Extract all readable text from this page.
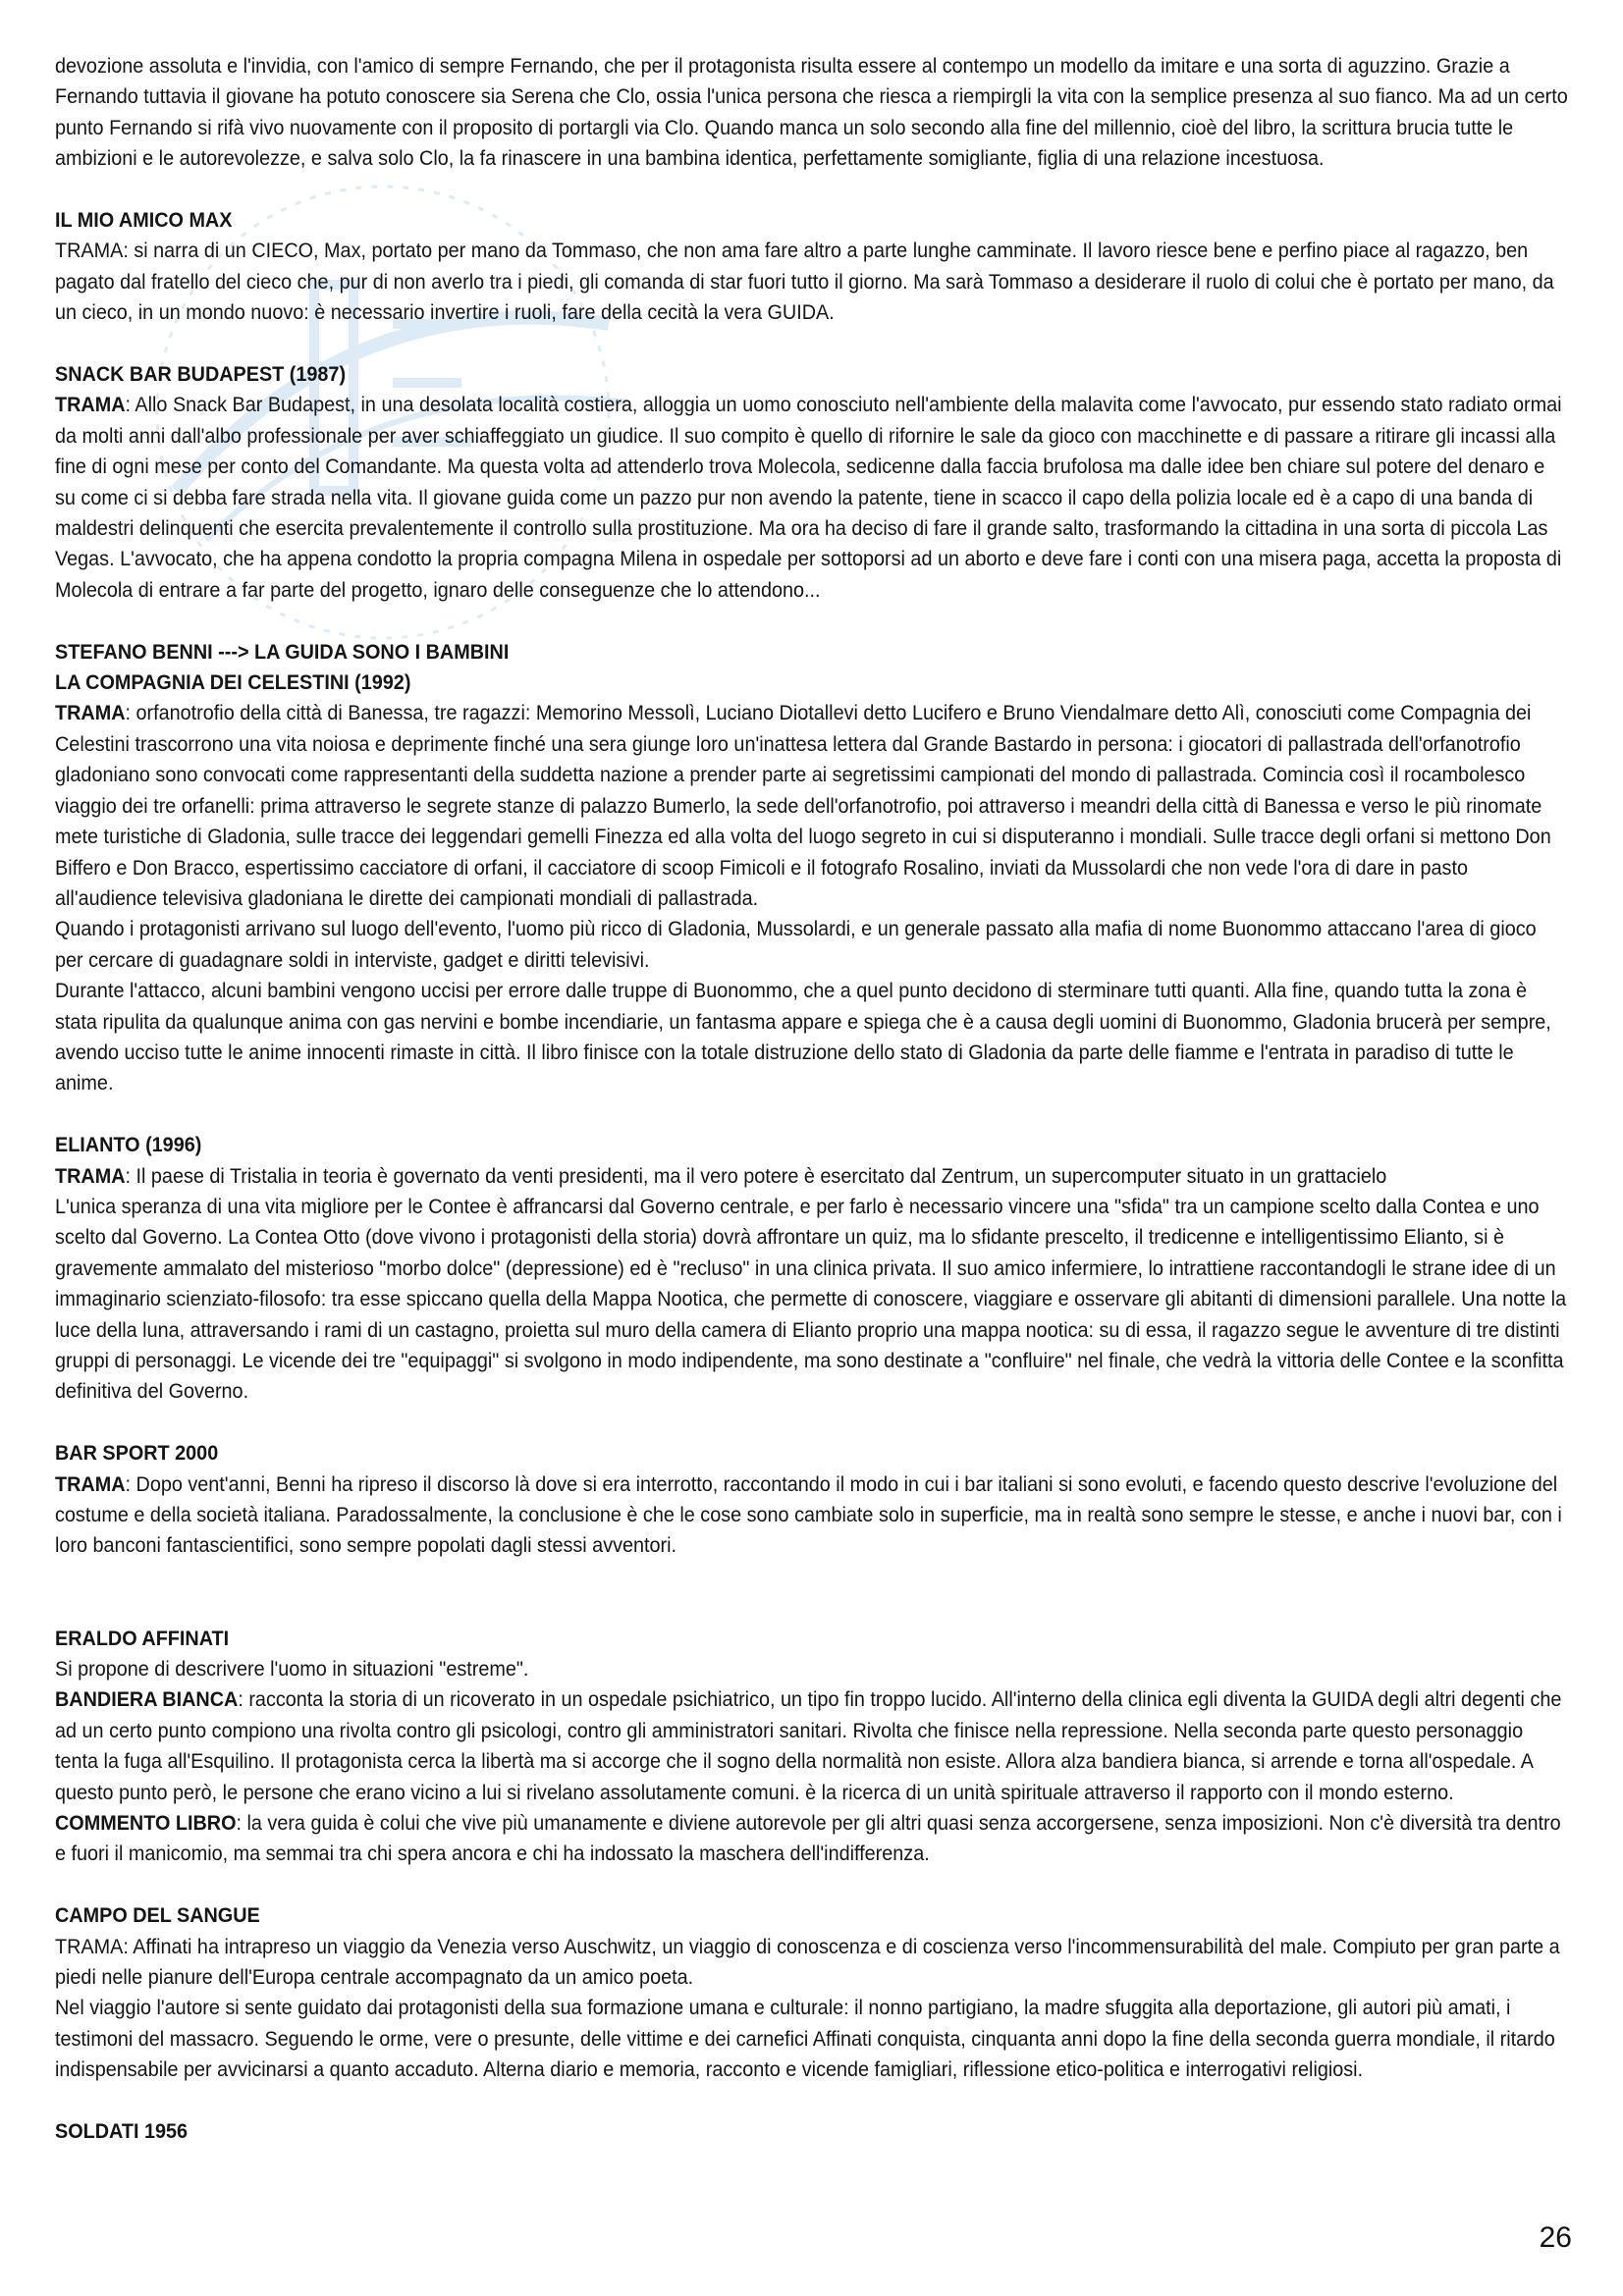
devozione assoluta e l'invidia, con l'amico di sempre Fernando, che per il protagonista risulta essere al contempo un modello da imitare e una sorta di aguzzino. Grazie a Fernando tuttavia il giovane ha potuto conoscere sia Serena che Clo, ossia l'unica persona che riesca a riempirgli la vita con la semplice presenza al suo fianco. Ma ad un certo punto Fernando si rifà vivo nuovamente con il proposito di portargli via Clo. Quando manca un solo secondo alla fine del millennio, cioè del libro, la scrittura brucia tutte le ambizioni e le autorevolezze, e salva solo Clo, la fa rinascere in una bambina identica, perfettamente somigliante, figlia di una relazione incestuosa.
IL MIO AMICO MAX
TRAMA: si narra di un CIECO, Max, portato per mano da Tommaso, che non ama fare altro a parte lunghe camminate. Il lavoro riesce bene e perfino piace al ragazzo, ben pagato dal fratello del cieco che, pur di non averlo tra i piedi, gli comanda di star fuori tutto il giorno. Ma sarà Tommaso a desiderare il ruolo di colui che è portato per mano, da un cieco, in un mondo nuovo: è necessario invertire i ruoli, fare della cecità la vera GUIDA.
SNACK BAR BUDAPEST (1987)
TRAMA: Allo Snack Bar Budapest, in una desolata località costiera, alloggia un uomo conosciuto nell'ambiente della malavita come l'avvocato, pur essendo stato radiato ormai da molti anni dall'albo professionale per aver schiaffeggiato un giudice. Il suo compito è quello di rifornire le sale da gioco con macchinette e di passare a ritirare gli incassi alla fine di ogni mese per conto del Comandante. Ma questa volta ad attenderlo trova Molecola, sedicenne dalla faccia brufolosa ma dalle idee ben chiare sul potere del denaro e su come ci si debba fare strada nella vita. Il giovane guida come un pazzo pur non avendo la patente, tiene in scacco il capo della polizia locale ed è a capo di una banda di maldestri delinquenti che esercita prevalentemente il controllo sulla prostituzione. Ma ora ha deciso di fare il grande salto, trasformando la cittadina in una sorta di piccola Las Vegas. L'avvocato, che ha appena condotto la propria compagna Milena in ospedale per sottoporsi ad un aborto e deve fare i conti con una misera paga, accetta la proposta di Molecola di entrare a far parte del progetto, ignaro delle conseguenze che lo attendono...
STEFANO BENNI ---> LA GUIDA SONO I BAMBINI
LA COMPAGNIA DEI CELESTINI (1992)
TRAMA: orfanotrofio della città di Banessa, tre ragazzi: Memorino Messolì, Luciano Diotallevi detto Lucifero e Bruno Viendalmare detto Alì, conosciuti come Compagnia dei Celestini trascorrono una vita noiosa e deprimente finché una sera giunge loro un'inattesa lettera dal Grande Bastardo in persona: i giocatori di pallastrada dell'orfanotrofio gladoniano sono convocati come rappresentanti della suddetta nazione a prender parte ai segretissimi campionati del mondo di pallastrada. Comincia così il rocambolesco viaggio dei tre orfanelli: prima attraverso le segrete stanze di palazzo Bumerlo, la sede dell'orfanotrofio, poi attraverso i meandri della città di Banessa e verso le più rinomate mete turistiche di Gladonia, sulle tracce dei leggendari gemelli Finezza ed alla volta del luogo segreto in cui si disputeranno i mondiali. Sulle tracce degli orfani si mettono Don Biffero e Don Bracco, espertissimo cacciatore di orfani, il cacciatore di scoop Fimicoli e il fotografo Rosalino, inviati da Mussolardi che non vede l'ora di dare in pasto all'audience televisiva gladoniana le dirette dei campionati mondiali di pallastrada.
Quando i protagonisti arrivano sul luogo dell'evento, l'uomo più ricco di Gladonia, Mussolardi, e un generale passato alla mafia di nome Buonommo attaccano l'area di gioco per cercare di guadagnare soldi in interviste, gadget e diritti televisivi.
Durante l'attacco, alcuni bambini vengono uccisi per errore dalle truppe di Buonommo, che a quel punto decidono di sterminare tutti quanti. Alla fine, quando tutta la zona è stata ripulita da qualunque anima con gas nervini e bombe incendiarie, un fantasma appare e spiega che è a causa degli uomini di Buonommo, Gladonia brucerà per sempre, avendo ucciso tutte le anime innocenti rimaste in città. Il libro finisce con la totale distruzione dello stato di Gladonia da parte delle fiamme e l'entrata in paradiso di tutte le anime.
ELIANTO (1996)
TRAMA: Il paese di Tristalia in teoria è governato da venti presidenti, ma il vero potere è esercitato dal Zentrum, un supercomputer situato in un grattacielo
L'unica speranza di una vita migliore per le Contee è affrancarsi dal Governo centrale, e per farlo è necessario vincere una "sfida" tra un campione scelto dalla Contea e uno scelto dal Governo. La Contea Otto (dove vivono i protagonisti della storia) dovrà affrontare un quiz, ma lo sfidante prescelto, il tredicenne e intelligentissimo Elianto, si è gravemente ammalato del misterioso "morbo dolce" (depressione) ed è "recluso" in una clinica privata. Il suo amico infermiere, lo intrattiene raccontandogli le strane idee di un immaginario scienziato-filosofo: tra esse spiccano quella della Mappa Nootica, che permette di conoscere, viaggiare e osservare gli abitanti di dimensioni parallele. Una notte la luce della luna, attraversando i rami di un castagno, proietta sul muro della camera di Elianto proprio una mappa nootica: su di essa, il ragazzo segue le avventure di tre distinti gruppi di personaggi. Le vicende dei tre "equipaggi" si svolgono in modo indipendente, ma sono destinate a "confluire" nel finale, che vedrà la vittoria delle Contee e la sconfitta definitiva del Governo.
BAR SPORT 2000
TRAMA: Dopo vent'anni, Benni ha ripreso il discorso là dove si era interrotto, raccontando il modo in cui i bar italiani si sono evoluti, e facendo questo descrive l'evoluzione del costume e della società italiana. Paradossalmente, la conclusione è che le cose sono cambiate solo in superficie, ma in realtà sono sempre le stesse, e anche i nuovi bar, con i loro banconi fantascientifici, sono sempre popolati dagli stessi avventori.
ERALDO AFFINATI
Si propone di descrivere l'uomo in situazioni "estreme".
BANDIERA BIANCA: racconta la storia di un ricoverato in un ospedale psichiatrico, un tipo fin troppo lucido. All'interno della clinica egli diventa la GUIDA degli altri degenti che ad un certo punto compiono una rivolta contro gli psicologi, contro gli amministratori sanitari. Rivolta che finisce nella repressione. Nella seconda parte questo personaggio tenta la fuga all'Esquilino. Il protagonista cerca la libertà ma si accorge che il sogno della normalità non esiste. Allora alza bandiera bianca, si arrende e torna all'ospedale. A questo punto però, le persone che erano vicino a lui si rivelano assolutamente comuni. è la ricerca di un unità spirituale attraverso il rapporto con il mondo esterno.
COMMENTO LIBRO: la vera guida è colui che vive più umanamente e diviene autorevole per gli altri quasi senza accorgersene, senza imposizioni. Non c'è diversità tra dentro e fuori il manicomio, ma semmai tra chi spera ancora e chi ha indossato la maschera dell'indifferenza.
CAMPO DEL SANGUE
TRAMA: Affinati ha intrapreso un viaggio da Venezia verso Auschwitz, un viaggio di conoscenza e di coscienza verso l'incommensurabilità del male. Compiuto per gran parte a piedi nelle pianure dell'Europa centrale accompagnato da un amico poeta.
Nel viaggio l'autore si sente guidato dai protagonisti della sua formazione umana e culturale: il nonno partigiano, la madre sfuggita alla deportazione, gli autori più amati, i testimoni del massacro. Seguendo le orme, vere o presunte, delle vittime e dei carnefici Affinati conquista, cinquanta anni dopo la fine della seconda guerra mondiale, il ritardo indispensabile per avvicinarsi a quanto accaduto. Alterna diario e memoria, racconto e vicende famigliari, riflessione etico-politica e interrogativi religiosi.
SOLDATI 1956
26
